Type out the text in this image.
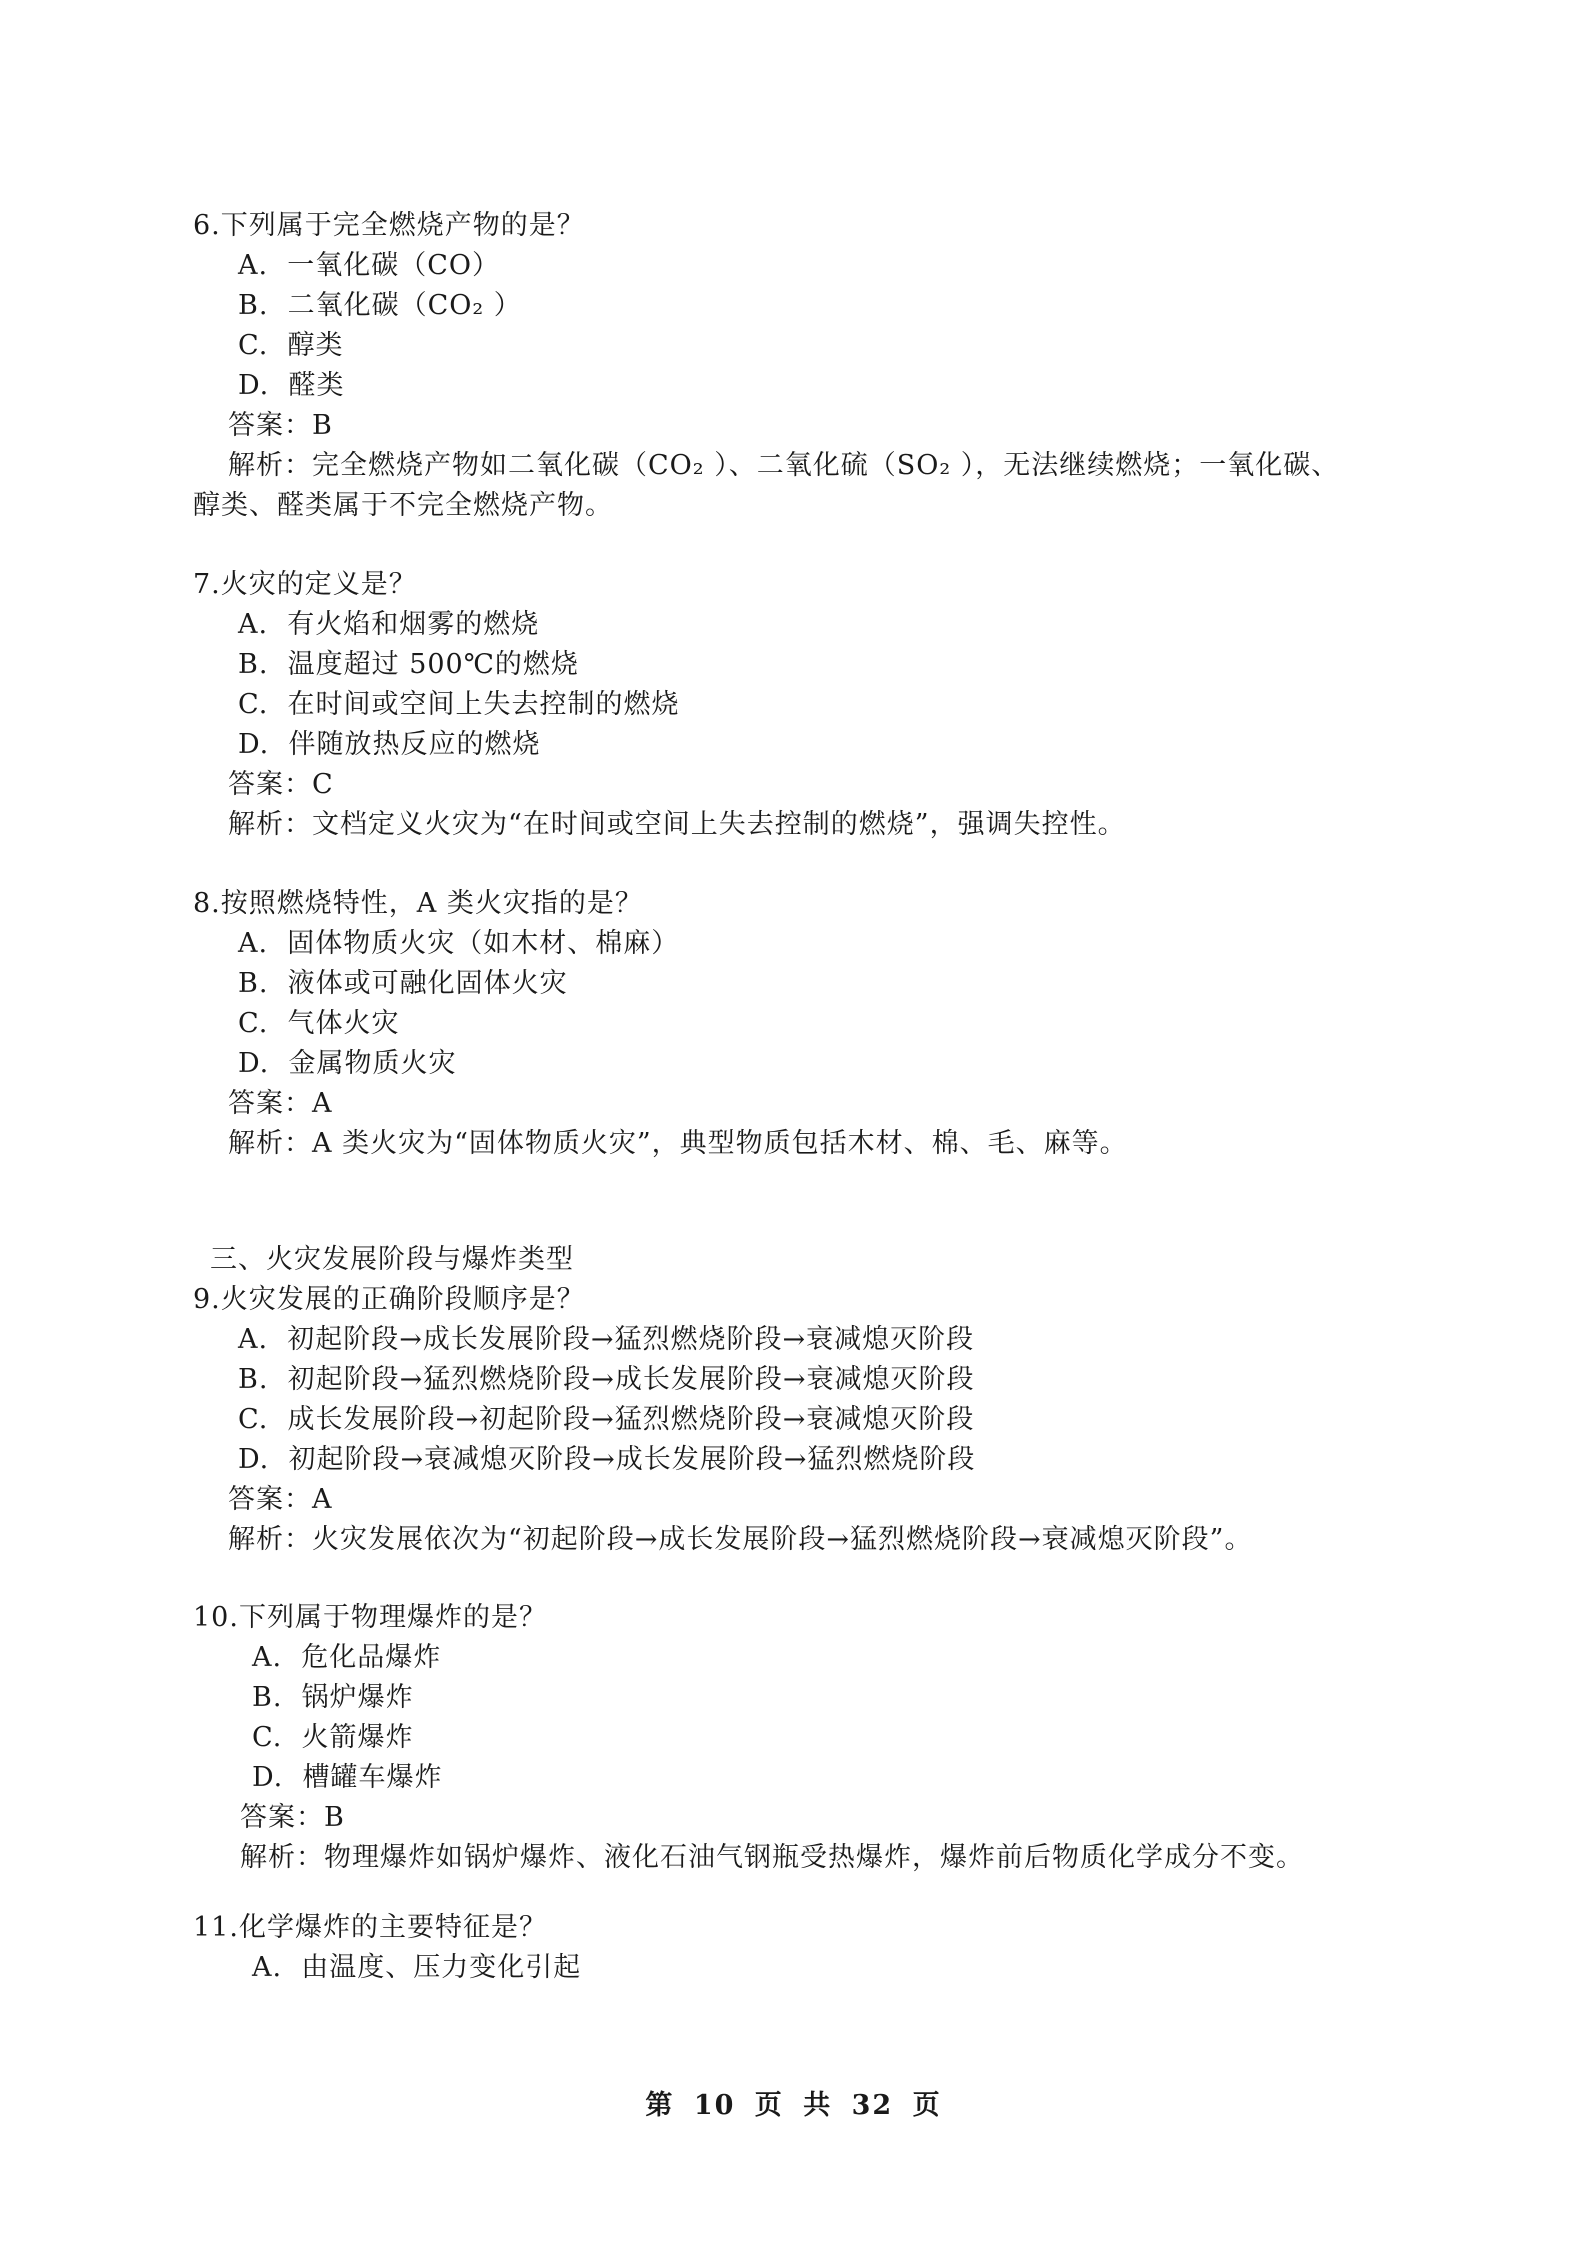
6.下列属于完全燃烧产物的是？
A. 一氧化碳（CO）
B. 二氧化碳（CO₂ ）
C. 醇类
D. 醛类
答案：B
解析：完全燃烧产物如二氧化碳（CO₂ ）、二氧化硫（SO₂ ），无法继续燃烧；一氧化碳、
醇类、醛类属于不完全燃烧产物。
7.火灾的定义是？
A. 有火焰和烟雾的燃烧
B. 温度超过 500℃的燃烧
C. 在时间或空间上失去控制的燃烧
D. 伴随放热反应的燃烧
答案：C
解析：文档定义火灾为“在时间或空间上失去控制的燃烧”，强调失控性。
8.按照燃烧特性，A 类火灾指的是？
A. 固体物质火灾（如木材、棉麻）
B. 液体或可融化固体火灾
C. 气体火灾
D. 金属物质火灾
答案：A
解析：A 类火灾为“固体物质火灾”，典型物质包括木材、棉、毛、麻等。
三、火灾发展阶段与爆炸类型
9.火灾发展的正确阶段顺序是？
A. 初起阶段→成长发展阶段→猛烈燃烧阶段→衰减熄灭阶段
B. 初起阶段→猛烈燃烧阶段→成长发展阶段→衰减熄灭阶段
C. 成长发展阶段→初起阶段→猛烈燃烧阶段→衰减熄灭阶段
D. 初起阶段→衰减熄灭阶段→成长发展阶段→猛烈燃烧阶段
答案：A
解析：火灾发展依次为“初起阶段→成长发展阶段→猛烈燃烧阶段→衰减熄灭阶段”。
10.下列属于物理爆炸的是？
A. 危化品爆炸
B. 锅炉爆炸
C. 火箭爆炸
D. 槽罐车爆炸
答案：B
解析：物理爆炸如锅炉爆炸、液化石油气钢瓶受热爆炸，爆炸前后物质化学成分不变。
11.化学爆炸的主要特征是？
A. 由温度、压力变化引起
第 10 页 共 32 页
